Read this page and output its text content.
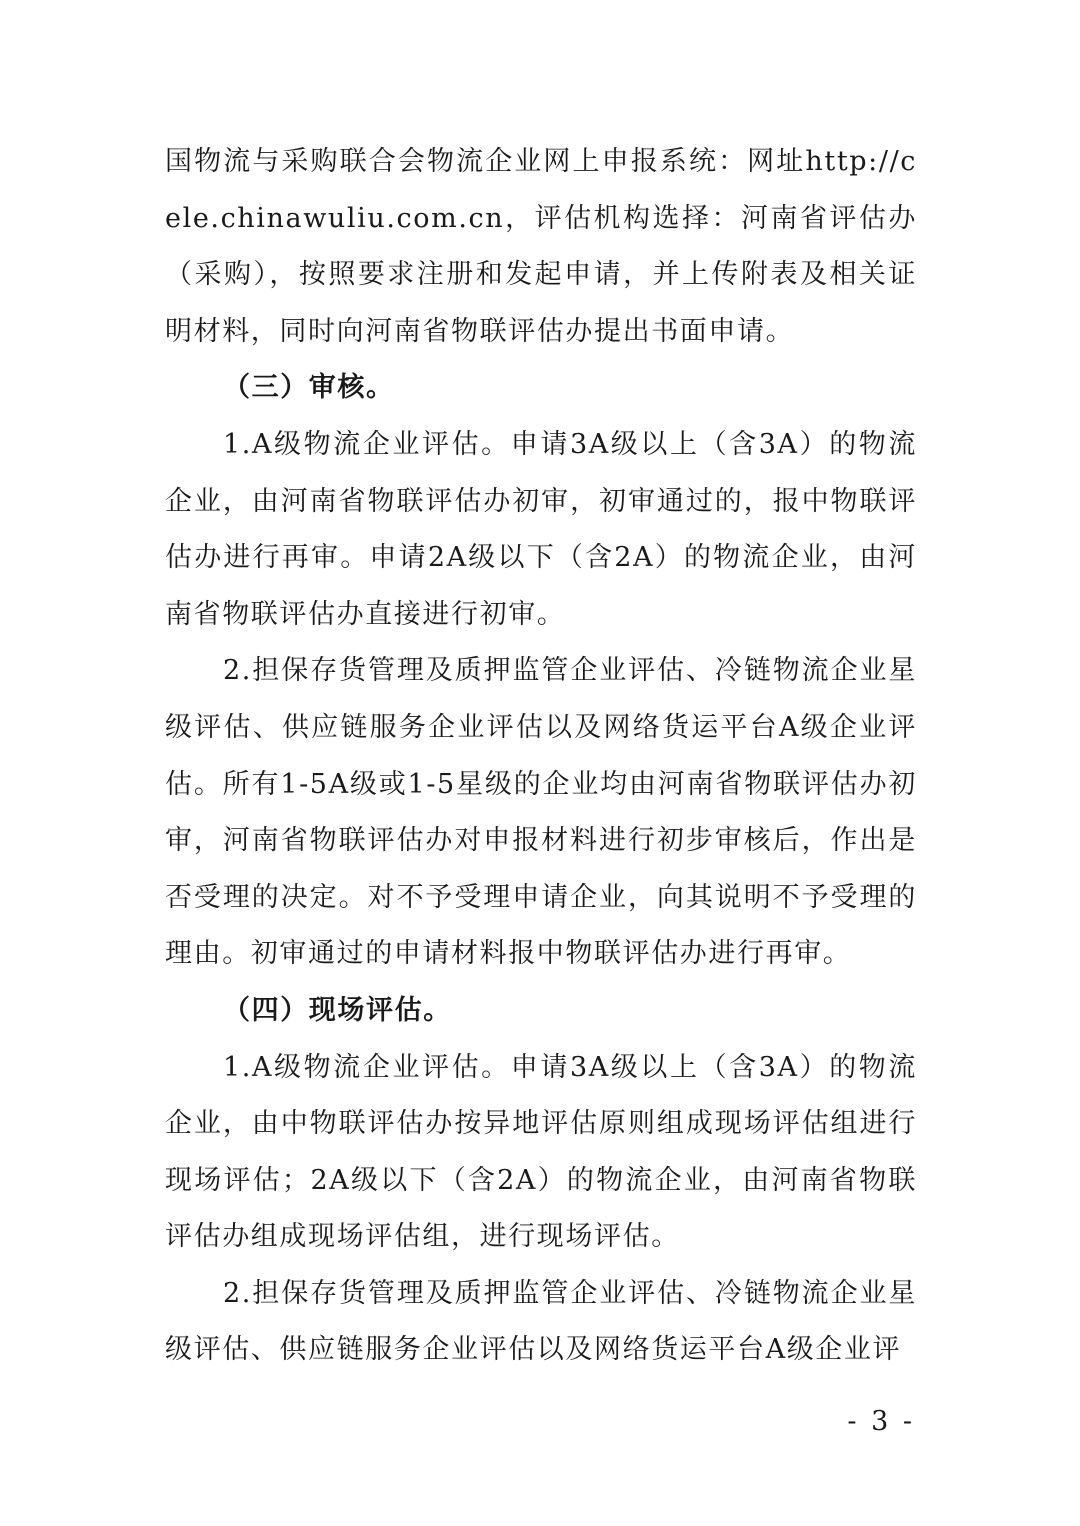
国物流与采购联合会物流企业网上申报系统：网址http://cele.chinawuliu.com.cn，评估机构选择：河南省评估办（采购），按照要求注册和发起申请，并上传附表及相关证明材料，同时向河南省物联评估办提出书面申请。

（三）审核。

1.A级物流企业评估。申请3A级以上（含3A）的物流企业，由河南省物联评估办初审，初审通过的，报中物联评估办进行再审。申请2A级以下（含2A）的物流企业，由河南省物联评估办直接进行初审。

2.担保存货管理及质押监管企业评估、冷链物流企业星级评估、供应链服务企业评估以及网络货运平台A级企业评估。所有1-5A级或1-5星级的企业均由河南省物联评估办初审，河南省物联评估办对申报材料进行初步审核后，作出是否受理的决定。对不予受理申请企业，向其说明不予受理的理由。初审通过的申请材料报中物联评估办进行再审。

（四）现场评估。

1.A级物流企业评估。申请3A级以上（含3A）的物流企业，由中物联评估办按异地评估原则组成现场评估组进行现场评估；2A级以下（含2A）的物流企业，由河南省物联评估办组成现场评估组，进行现场评估。

2.担保存货管理及质押监管企业评估、冷链物流企业星级评估、供应链服务企业评估以及网络货运平台A级企业评

- 3 -
